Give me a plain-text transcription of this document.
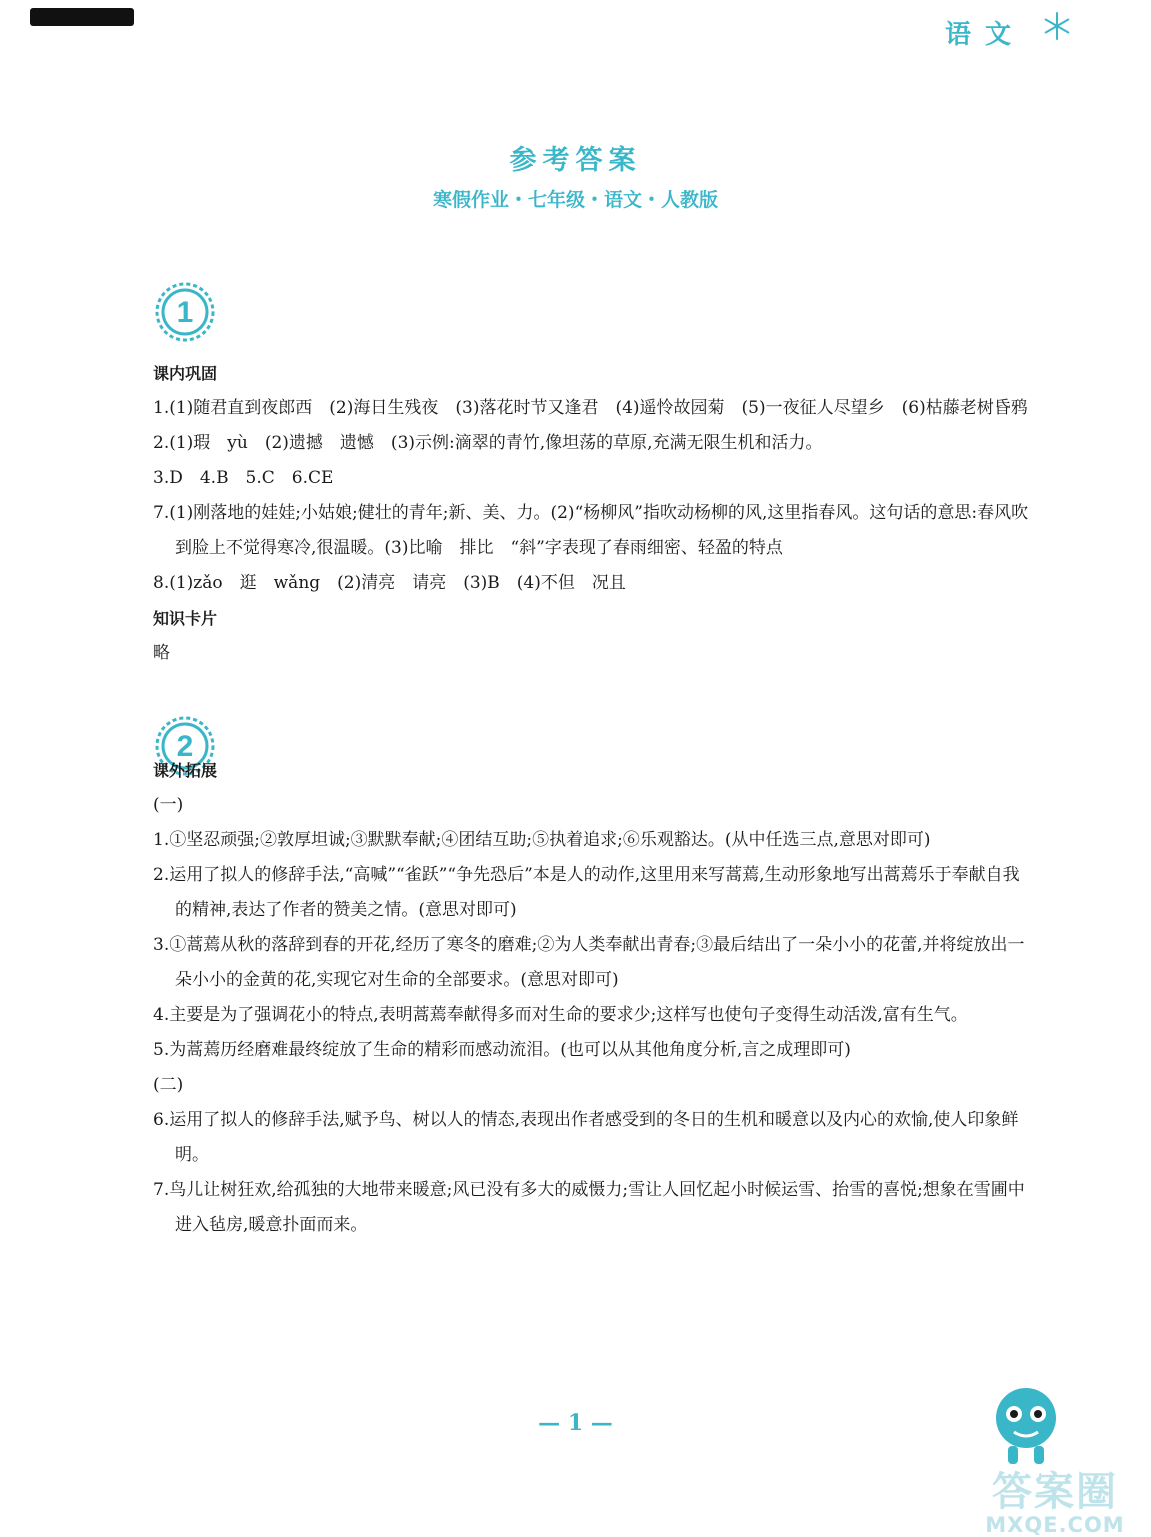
语文
参考答案
寒假作业・七年级・语文・人教版
1
2
课内巩固
1.(1)随君直到夜郎西　(2)海日生残夜　(3)落花时节又逢君　(4)遥怜故园菊　(5)一夜征人尽望乡　(6)枯藤老树昏鸦
2.(1)瑕　yù　(2)遗撼　遗憾　(3)示例:滴翠的青竹,像坦荡的草原,充满无限生机和活力。
3.D　4.B　5.C　6.CE
7.(1)刚落地的娃娃;小姑娘;健壮的青年;新、美、力。(2)“杨柳风”指吹动杨柳的风,这里指春风。这句话的意思:春风吹到脸上不觉得寒冷,很温暖。(3)比喻　排比　“斜”字表现了春雨细密、轻盈的特点
8.(1)zǎo　逛　wǎng　(2)清亮　请亮　(3)B　(4)不但　况且
知识卡片
略
课外拓展
(一)
1.①坚忍顽强;②敦厚坦诚;③默默奉献;④团结互助;⑤执着追求;⑥乐观豁达。(从中任选三点,意思对即可)
2.运用了拟人的修辞手法,“高喊”“雀跃”“争先恐后”本是人的动作,这里用来写蒿蔫,生动形象地写出蒿蔫乐于奉献自我的精神,表达了作者的赞美之情。(意思对即可)
3.①蒿蔫从秋的落辞到春的开花,经历了寒冬的磨难;②为人类奉献出青春;③最后结出了一朵小小的花蕾,并将绽放出一朵小小的金黄的花,实现它对生命的全部要求。(意思对即可)
4.主要是为了强调花小的特点,表明蒿蔫奉献得多而对生命的要求少;这样写也使句子变得生动活泼,富有生气。
5.为蒿蔫历经磨难最终绽放了生命的精彩而感动流泪。(也可以从其他角度分析,言之成理即可)
(二)
6.运用了拟人的修辞手法,赋予鸟、树以人的情态,表现出作者感受到的冬日的生机和暖意以及内心的欢愉,使人印象鲜明。
7.鸟儿让树狂欢,给孤独的大地带来暖意;风已没有多大的威慑力;雪让人回忆起小时候运雪、抬雪的喜悦;想象在雪圃中进入毡房,暖意扑面而来。
— 1 —
答案圈
MXQE.COM
